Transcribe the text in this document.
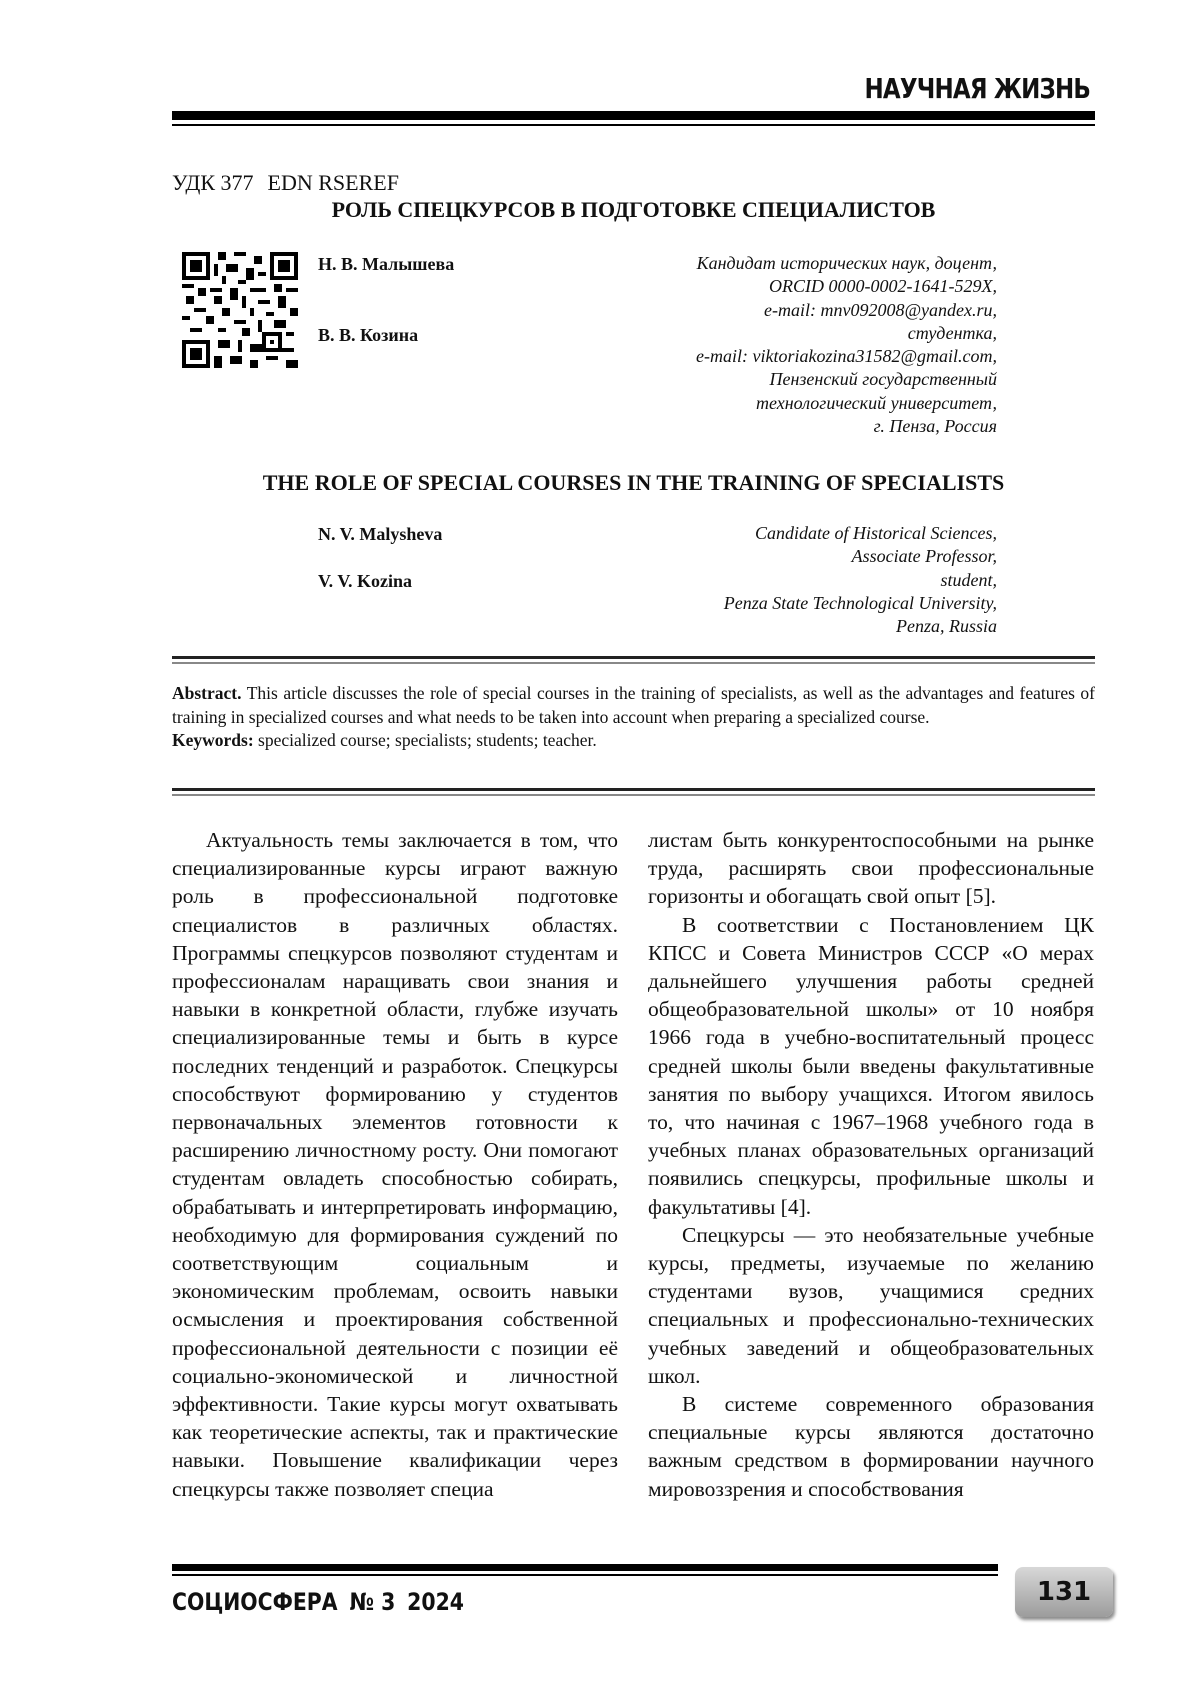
НАУЧНАЯ ЖИЗНЬ
УДК 377 EDN RSEREF
РОЛЬ СПЕЦКУРСОВ В ПОДГОТОВКЕ СПЕЦИАЛИСТОВ
Н. В. Малышева
В. В. Козина
Кандидат исторических наук, доцент,
ORCID 0000-0002-1641-529X,
e-mail: mnv092008@yandex.ru,
студентка,
e-mail: viktoriakozina31582@gmail.com,
Пензенский государственный
технологический университет,
г. Пенза, Россия
THE ROLE OF SPECIAL COURSES IN THE TRAINING OF SPECIALISTS
N. V. Malysheva
V. V. Kozina
Candidate of Historical Sciences,
Associate Professor,
student,
Penza State Technological University,
Penza, Russia
Abstract. This article discusses the role of special courses in the training of specialists, as well as the advantages and features of training in specialized courses and what needs to be taken into account when preparing a specialized course.
Keywords: specialized course; specialists; students; teacher.

Актуальность темы заключается в том, что специализированные курсы играют важную роль в профессиональной подготовке специалистов в различных областях. Программы спецкурсов позволяют студентам и профессионалам наращивать свои знания и навыки в конкретной области, глубже изучать специализированные темы и быть в курсе последних тенденций и разработок. Спецкурсы способствуют формированию у студентов первоначальных элементов готовности к расширению личностному росту. Они помогают студентам овладеть способностью собирать, обрабатывать и интерпретировать информацию, необходимую для формирования суждений по соответствующим социальным и экономическим проблемам, освоить навыки осмысления и проектирования собственной профессиональной деятельности с позиции её социально-экономической и личностной эффективности. Такие курсы могут охватывать как теоретические аспекты, так и практические навыки. Повышение квалификации через спецкурсы также позволяет специа

листам быть конкурентоспособными на рынке труда, расширять свои профессиональные горизонты и обогащать свой опыт [5].

В соответствии с Постановлением ЦК КПСС и Совета Министров СССР «О мерах дальнейшего улучшения работы средней общеобразовательной школы» от 10 ноября 1966 года в учебно-воспитательный процесс средней школы были введены факультативные занятия по выбору учащихся. Итогом явилось то, что начиная с 1967–1968 учебного года в учебных планах образовательных организаций появились спецкурсы, профильные школы и факультативы [4].

Спецкурсы — это необязательные учебные курсы, предметы, изучаемые по желанию студентами вузов, учащимися средних специальных и профессионально-технических учебных заведений и общеобразовательных школ.

В системе современного образования специальные курсы являются достаточно важным средством в формировании научного мировоззрения и способствования

СОЦИОСФЕРА № 3 2024	131
